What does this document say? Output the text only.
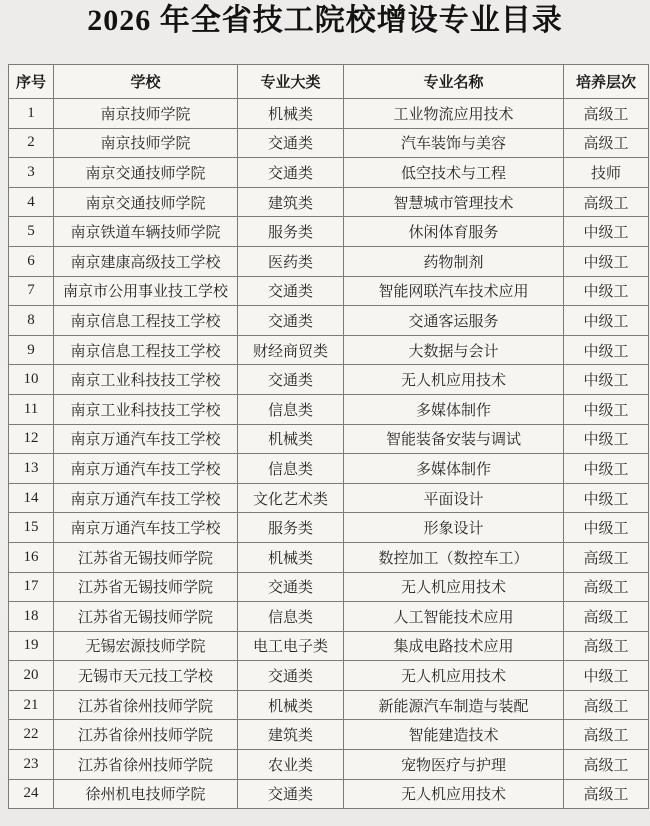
2026 年全省技工院校增设专业目录
序号	学校	专业大类	专业名称	培养层次
1	南京技师学院	机械类	工业物流应用技术	高级工
2	南京技师学院	交通类	汽车装饰与美容	高级工
3	南京交通技师学院	交通类	低空技术与工程	技师
4	南京交通技师学院	建筑类	智慧城市管理技术	高级工
5	南京铁道车辆技师学院	服务类	休闲体育服务	中级工
6	南京建康高级技工学校	医药类	药物制剂	中级工
7	南京市公用事业技工学校	交通类	智能网联汽车技术应用	中级工
8	南京信息工程技工学校	交通类	交通客运服务	中级工
9	南京信息工程技工学校	财经商贸类	大数据与会计	中级工
10	南京工业科技技工学校	交通类	无人机应用技术	中级工
11	南京工业科技技工学校	信息类	多媒体制作	中级工
12	南京万通汽车技工学校	机械类	智能装备安装与调试	中级工
13	南京万通汽车技工学校	信息类	多媒体制作	中级工
14	南京万通汽车技工学校	文化艺术类	平面设计	中级工
15	南京万通汽车技工学校	服务类	形象设计	中级工
16	江苏省无锡技师学院	机械类	数控加工（数控车工）	高级工
17	江苏省无锡技师学院	交通类	无人机应用技术	高级工
18	江苏省无锡技师学院	信息类	人工智能技术应用	高级工
19	无锡宏源技师学院	电工电子类	集成电路技术应用	高级工
20	无锡市天元技工学校	交通类	无人机应用技术	中级工
21	江苏省徐州技师学院	机械类	新能源汽车制造与装配	高级工
22	江苏省徐州技师学院	建筑类	智能建造技术	高级工
23	江苏省徐州技师学院	农业类	宠物医疗与护理	高级工
24	徐州机电技师学院	交通类	无人机应用技术	高级工
